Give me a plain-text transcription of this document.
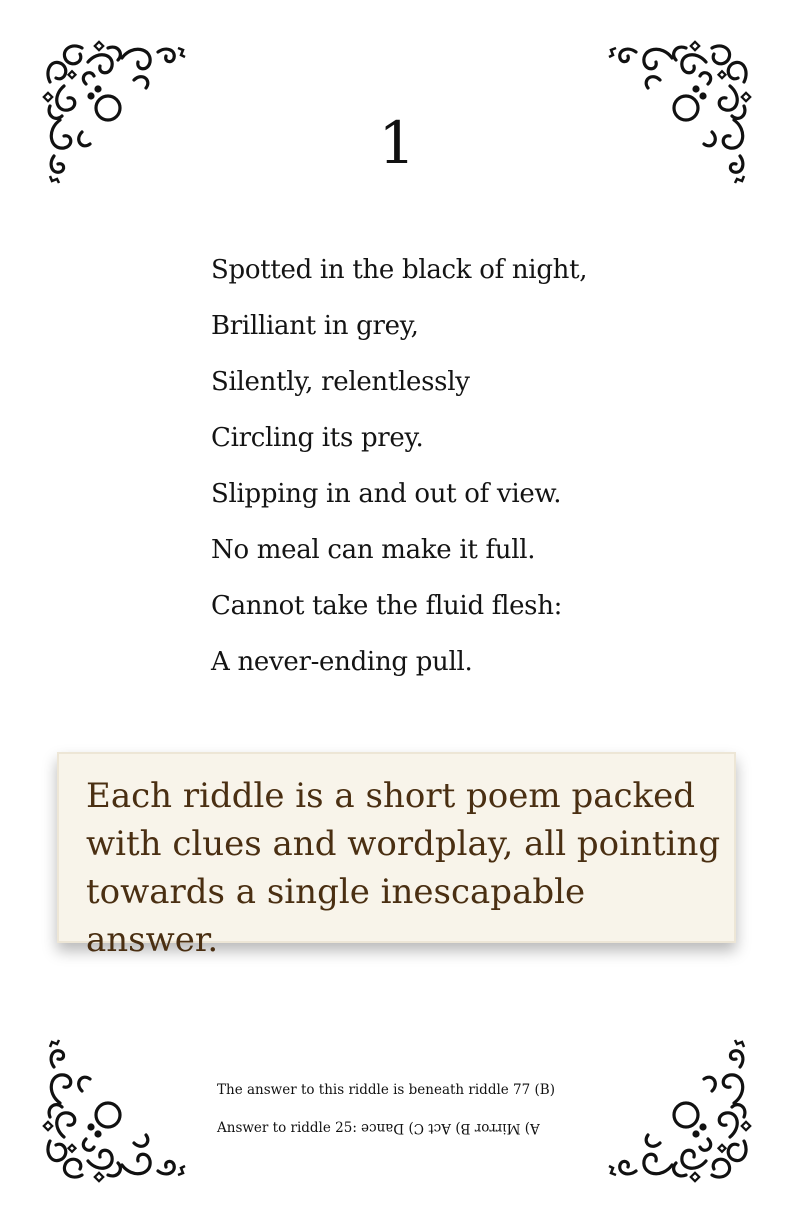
1
Spotted in the black of night,
Brilliant in grey,
Silently, relentlessly
Circling its prey.
Slipping in and out of view.
No meal can make it full.
Cannot take the fluid flesh:
A never-ending pull.
Each riddle is a short poem packed with clues and wordplay, all pointing towards a single inescapable answer.
The answer to this riddle is beneath riddle 77 (B)
Answer to riddle 25: A) Mirror B) Act C) Dance
